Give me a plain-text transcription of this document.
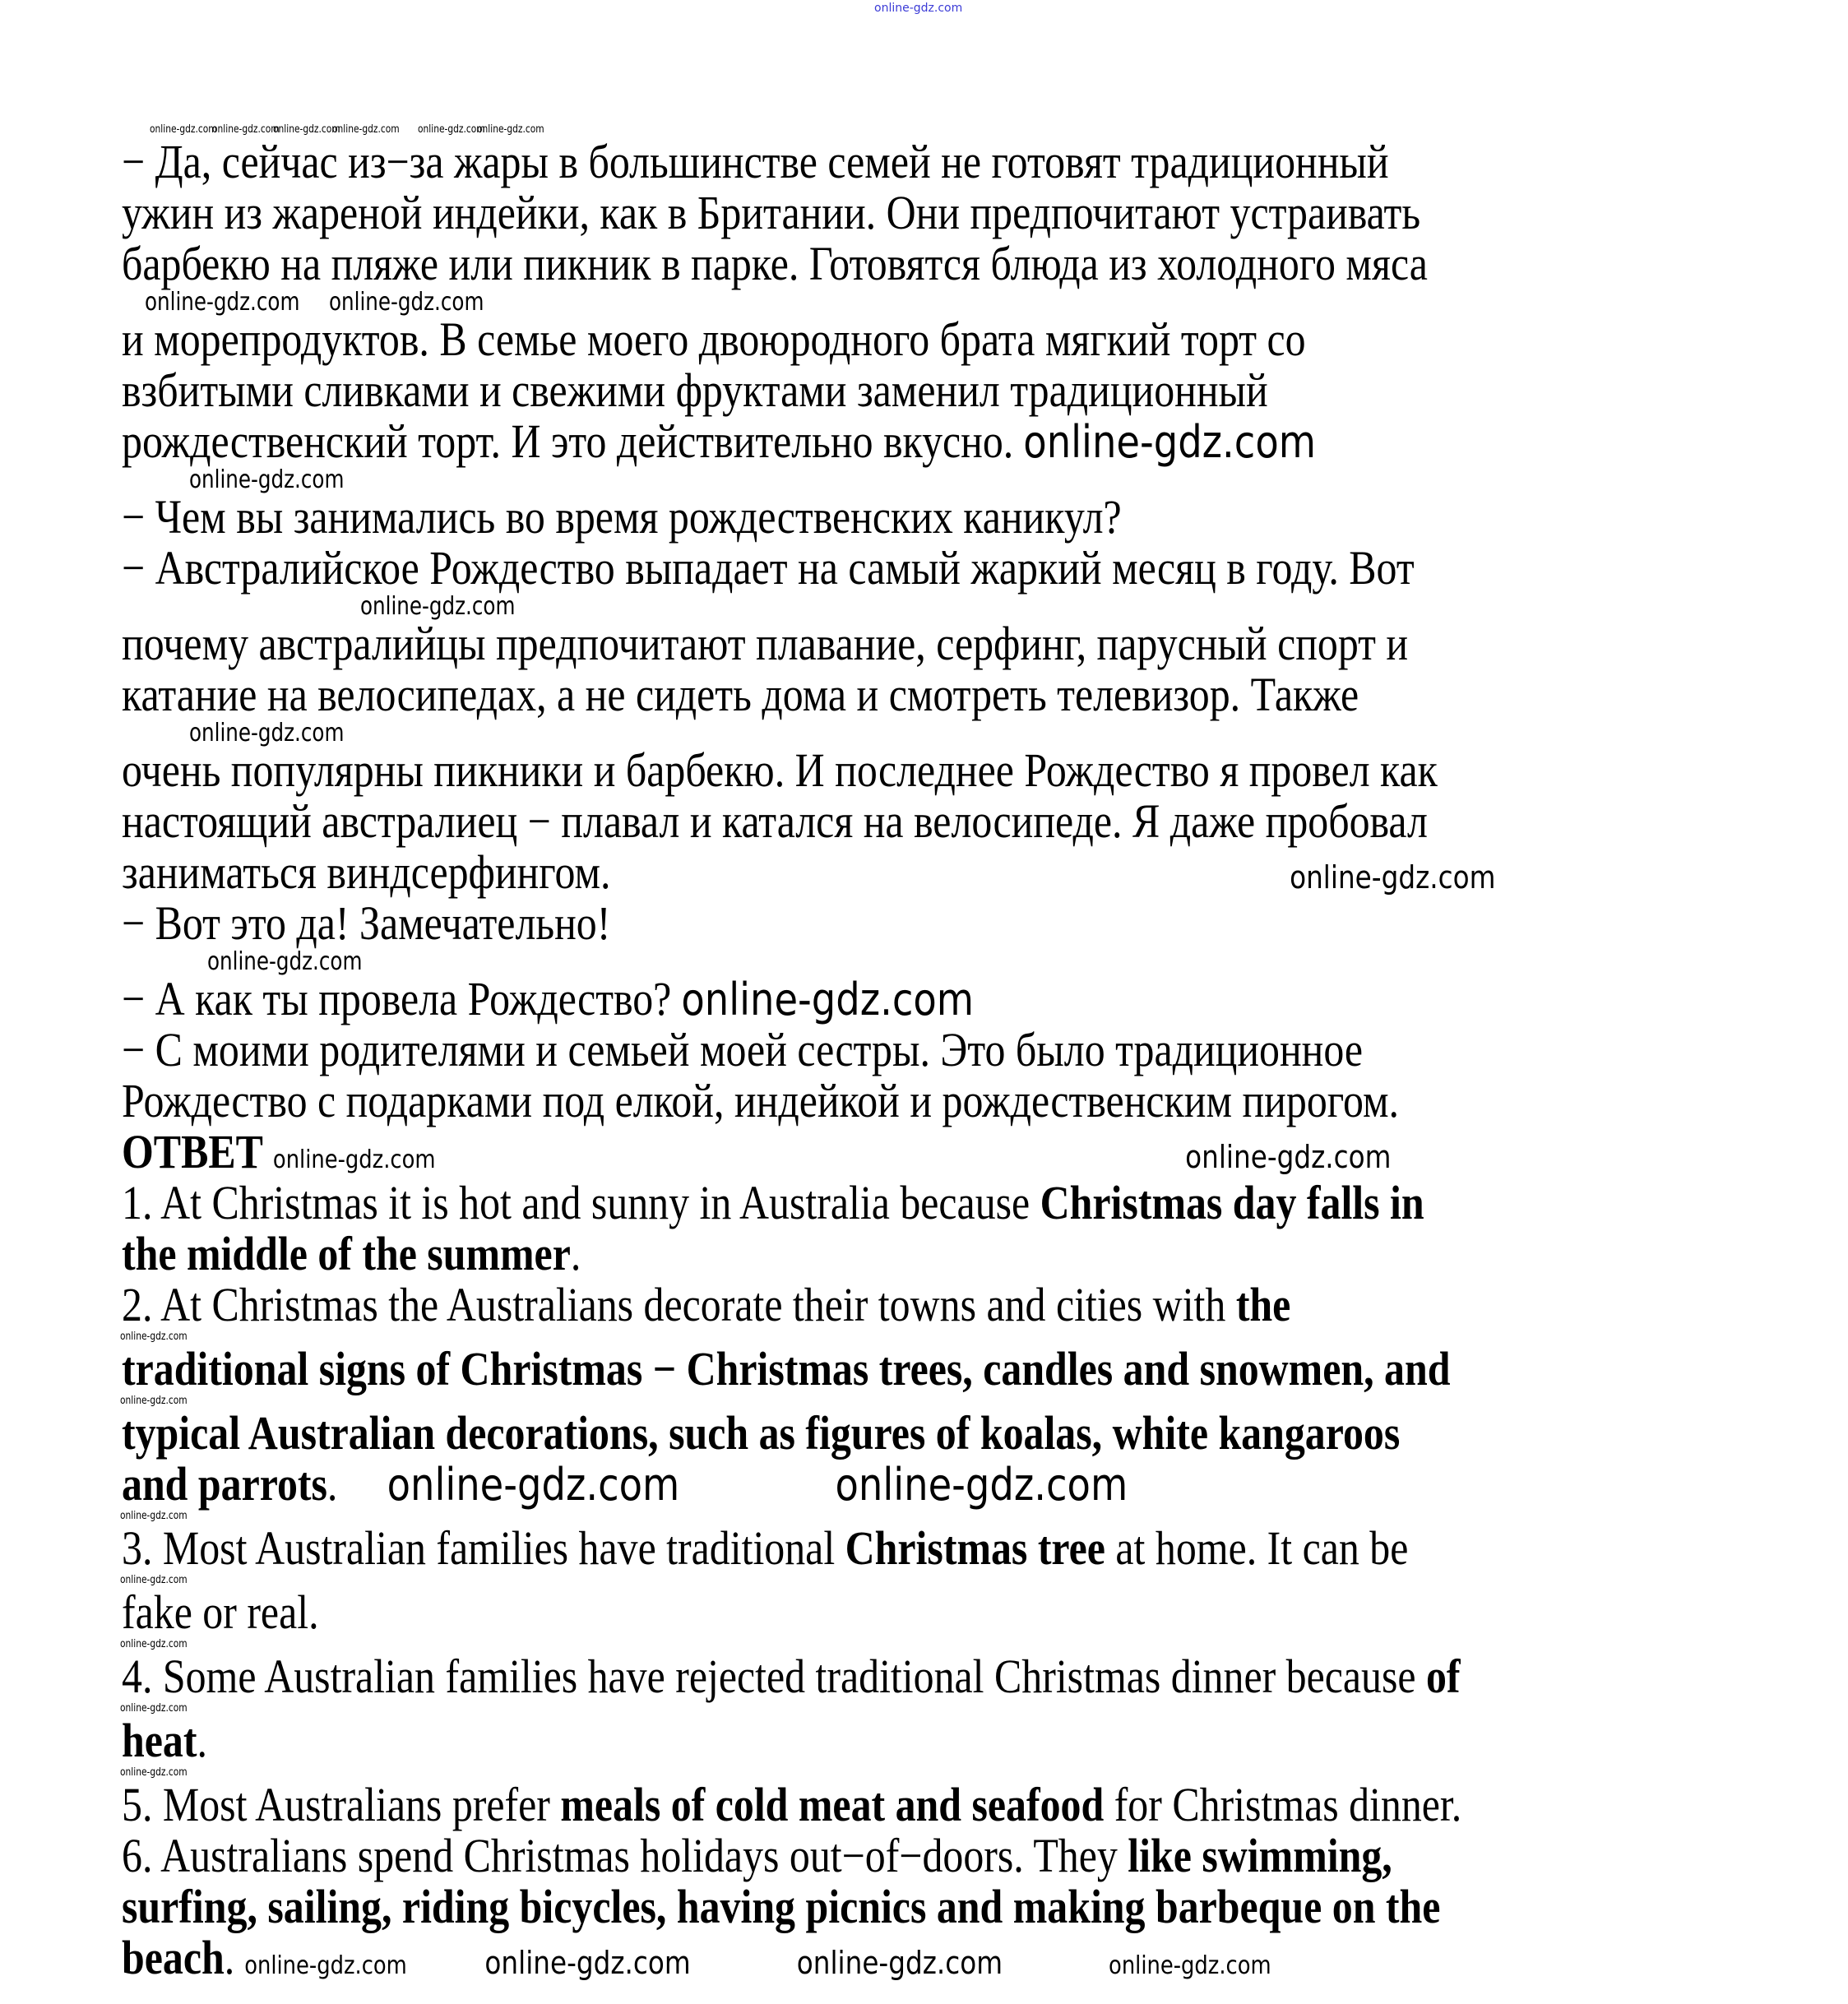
online-gdz.com
online-gdz.com
online-gdz.com
online-gdz.com
online-gdz.com online-gdz.com
online-gdz.com
− Да, сейчас из−за жары в большинстве семей не готовят традиционный
ужин из жареной индейки, как в Британии. Они предпочитают устраивать
барбекю на пляже или пикник в парке. Готовятся блюда из холодного мяса
online-gdz.com online-gdz.com
и морепродуктов. В семье моего двоюродного брата мягкий торт со
взбитыми сливками и свежими фруктами заменил традиционный
рождественский торт. И это действительно вкусно. online-gdz.com
online-gdz.com
− Чем вы занимались во время рождественских каникул?
− Австралийское Рождество выпадает на самый жаркий месяц в году. Вот
online-gdz.com
почему австралийцы предпочитают плавание, серфинг, парусный спорт и
катание на велосипедах, а не сидеть дома и смотреть телевизор. Также
online-gdz.com
очень популярны пикники и барбекю. И последнее Рождество я провел как
настоящий австралиец − плавал и катался на велосипеде. Я даже пробовал
заниматься виндсерфингом.	online-gdz.com
− Вот это да! Замечательно!
online-gdz.com
− А как ты провела Рождество? online-gdz.com
− С моими родителями и семьей моей сестры. Это было традиционное
Рождество с подарками под елкой, индейкой и рождественским пирогом.
ОТВЕТ online-gdz.com	online-gdz.com
1. At Christmas it is hot and sunny in Australia because Christmas day falls in
the middle of the summer.
2. At Christmas the Australians decorate their towns and cities with the
online-gdz.com
traditional signs of Christmas − Christmas trees, candles and snowmen, and
online-gdz.com
typical Australian decorations, such as figures of koalas, white kangaroos
and parrots. online-gdz.com	online-gdz.com
online-gdz.com
3. Most Australian families have traditional Christmas tree at home. It can be
online-gdz.com
fake or real.
online-gdz.com
4. Some Australian families have rejected traditional Christmas dinner because of
online-gdz.com
heat.
online-gdz.com
5. Most Australians prefer meals of cold meat and seafood for Christmas dinner.
6. Australians spend Christmas holidays out−of−doors. They like swimming,
surfing, sailing, riding bicycles, having picnics and making barbeque on the
beach. online-gdz.com online-gdz.com	online-gdz.com	online-gdz.com
